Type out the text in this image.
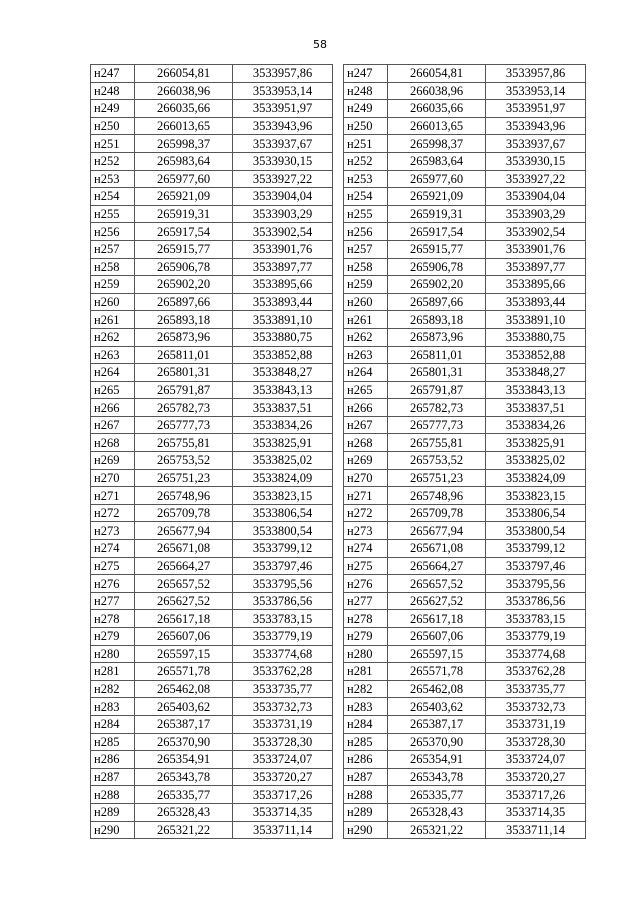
58
н247	266054,81	3533957,86
н248	266038,96	3533953,14
н249	266035,66	3533951,97
н250	266013,65	3533943,96
н251	265998,37	3533937,67
н252	265983,64	3533930,15
н253	265977,60	3533927,22
н254	265921,09	3533904,04
н255	265919,31	3533903,29
н256	265917,54	3533902,54
н257	265915,77	3533901,76
н258	265906,78	3533897,77
н259	265902,20	3533895,66
н260	265897,66	3533893,44
н261	265893,18	3533891,10
н262	265873,96	3533880,75
н263	265811,01	3533852,88
н264	265801,31	3533848,27
н265	265791,87	3533843,13
н266	265782,73	3533837,51
н267	265777,73	3533834,26
н268	265755,81	3533825,91
н269	265753,52	3533825,02
н270	265751,23	3533824,09
н271	265748,96	3533823,15
н272	265709,78	3533806,54
н273	265677,94	3533800,54
н274	265671,08	3533799,12
н275	265664,27	3533797,46
н276	265657,52	3533795,56
н277	265627,52	3533786,56
н278	265617,18	3533783,15
н279	265607,06	3533779,19
н280	265597,15	3533774,68
н281	265571,78	3533762,28
н282	265462,08	3533735,77
н283	265403,62	3533732,73
н284	265387,17	3533731,19
н285	265370,90	3533728,30
н286	265354,91	3533724,07
н287	265343,78	3533720,27
н288	265335,77	3533717,26
н289	265328,43	3533714,35
н290	265321,22	3533711,14
н247	266054,81	3533957,86
н248	266038,96	3533953,14
н249	266035,66	3533951,97
н250	266013,65	3533943,96
н251	265998,37	3533937,67
н252	265983,64	3533930,15
н253	265977,60	3533927,22
н254	265921,09	3533904,04
н255	265919,31	3533903,29
н256	265917,54	3533902,54
н257	265915,77	3533901,76
н258	265906,78	3533897,77
н259	265902,20	3533895,66
н260	265897,66	3533893,44
н261	265893,18	3533891,10
н262	265873,96	3533880,75
н263	265811,01	3533852,88
н264	265801,31	3533848,27
н265	265791,87	3533843,13
н266	265782,73	3533837,51
н267	265777,73	3533834,26
н268	265755,81	3533825,91
н269	265753,52	3533825,02
н270	265751,23	3533824,09
н271	265748,96	3533823,15
н272	265709,78	3533806,54
н273	265677,94	3533800,54
н274	265671,08	3533799,12
н275	265664,27	3533797,46
н276	265657,52	3533795,56
н277	265627,52	3533786,56
н278	265617,18	3533783,15
н279	265607,06	3533779,19
н280	265597,15	3533774,68
н281	265571,78	3533762,28
н282	265462,08	3533735,77
н283	265403,62	3533732,73
н284	265387,17	3533731,19
н285	265370,90	3533728,30
н286	265354,91	3533724,07
н287	265343,78	3533720,27
н288	265335,77	3533717,26
н289	265328,43	3533714,35
н290	265321,22	3533711,14
